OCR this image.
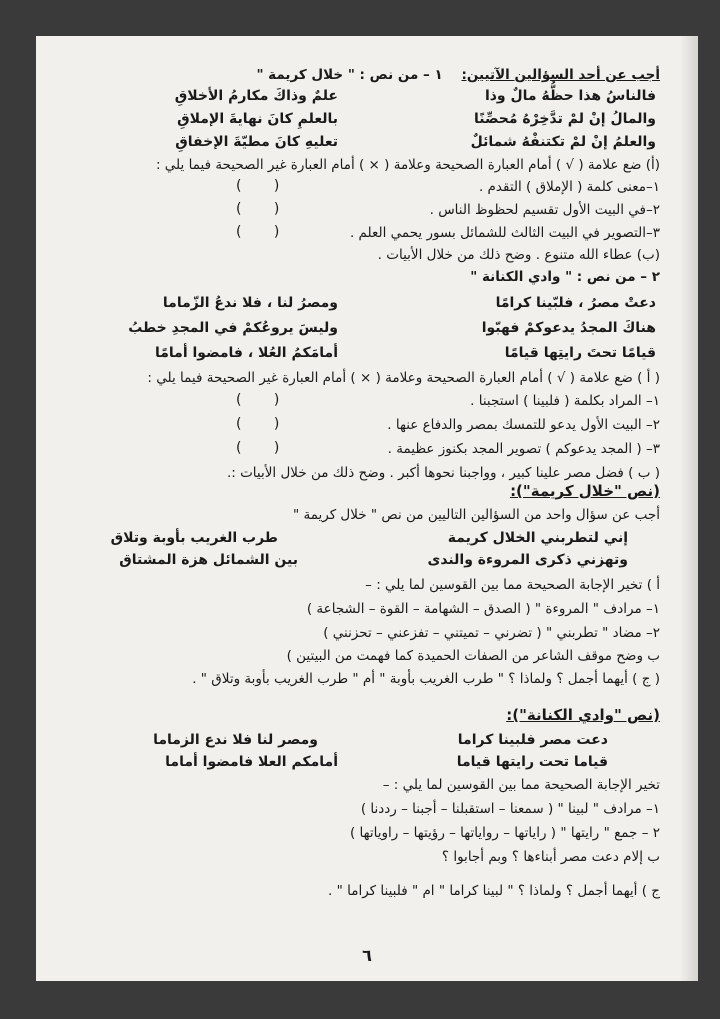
أجب عن أحد السؤالين الآتيين: ١ – من نص : " خلال كريمة "
فالناسُ هذا حظُّهُ مالٌ وذا
علمٌ وذاكَ مكارمُ الأخلاقِ
والمالُ إنْ لمْ تدَّخِرْهُ مُحصِّنًا
بالعلمِ كانَ نهايةَ الإملاقِ
والعلمُ إنْ لمْ تكتنفْهُ شمائلٌ
تعليهِ كانَ مطيّةَ الإخفاقِ
(أ) ضع علامة ( √ ) أمام العبارة الصحيحة وعلامة ( × ) أمام العبارة غير الصحيحة فيما يلي :
١–معنى كلمة ( الإملاق ) التقدم .
( )
٢–في البيت الأول تقسيم لحظوظ الناس .
( )
٣–التصوير في البيت الثالث للشمائل بسور يحمي العلم .
( )
(ب) عطاء الله متنوع . وضح ذلك من خلال الأبيات .
٢ – من نص : " وادي الكنانة "
دعتْ مصرُ ، فلبّينا كرامًا
ومصرُ لنا ، فلا ندعُ الزّماما
هناكَ المجدُ يدعوكمْ فهبّوا
وليسَ يروعُكمْ في المجدِ خطبُ
قيامًا تحتَ رايتِها قيامًا
أمامَكمُ العُلا ، فامضوا أمامًا
( أ ) ضع علامة ( √ ) أمام العبارة الصحيحة وعلامة ( × ) أمام العبارة غير الصحيحة فيما يلي :
١– المراد بكلمة ( فلبينا ) استجبنا .
( )
٢– البيت الأول يدعو للتمسك بمصر والدفاع عنها .
( )
٣– ( المجد يدعوكم ) تصوير المجد بكنوز عظيمة .
( )
( ب ) فضل مصر علينا كبير ، وواجبنا نحوها أكبر . وضح ذلك من خلال الأبيات :.
(نص "خلال كريمة"):
أجب عن سؤال واحد من السؤالين التاليين من نص " خلال كريمة "
إني لتطربني الخلال كريمة
طرب الغريب بأوبة وتلاق
وتهزني ذكرى المروءة والندى
بين الشمائل هزة المشتاق
أ ) تخير الإجابة الصحيحة مما بين القوسين لما يلي : –
١– مرادف " المروءة " ( الصدق – الشهامة – القوة – الشجاعة )
٢– مضاد " تطربني " ( تضرني – تميتني – تفزعني – تحزنني )
ب وضح موقف الشاعر من الصفات الحميدة كما فهمت من البيتين )
( ج ) أيهما أجمل ؟ ولماذا ؟ " طرب الغريب بأوبة " أم " طرب الغريب بأوبة وتلاق " .
(نص "وادي الكنانة"):
دعت مصر فلبينا كراما
ومصر لنا فلا ندع الزماما
قياما تحت رايتها قياما
أمامكم العلا فامضوا أماما
تخير الإجابة الصحيحة مما بين القوسين لما يلي : –
١– مرادف " لبينا " ( سمعنا – استقبلنا – أجبنا – رددنا )
٢ – جمع " رايتها " ( راياتها – رواياتها – رؤيتها – راوياتها )
ب إلام دعت مصر أبناءها ؟ وبم أجابوا ؟
ج ) أيهما أجمل ؟ ولماذا ؟ " لبينا كراما " ام " فلبينا كراما " .
٦
